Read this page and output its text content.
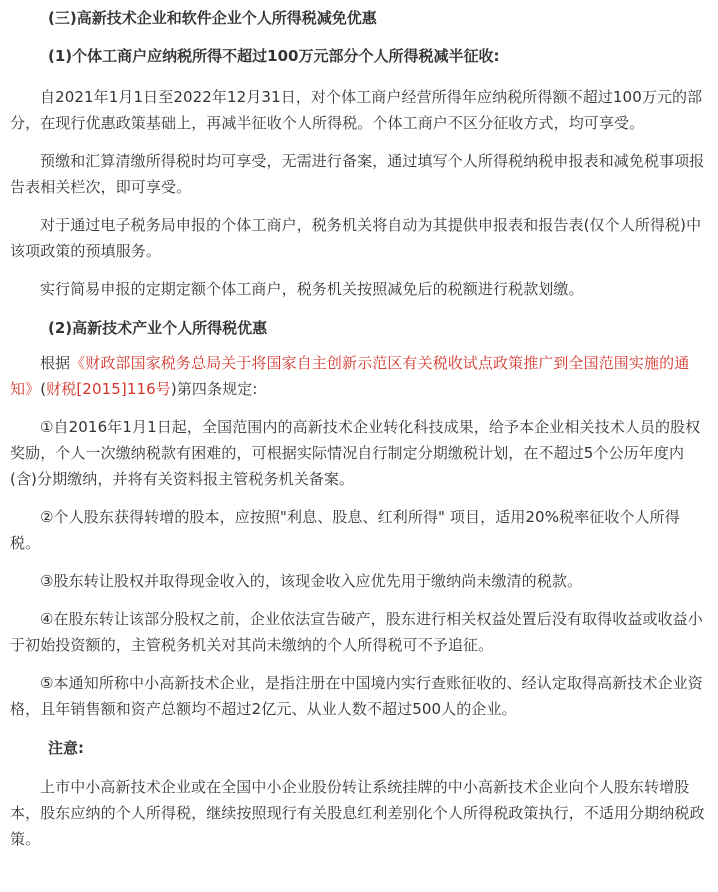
(三)高新技术企业和软件企业个人所得税减免优惠

(1)个体工商户应纳税所得不超过100万元部分个人所得税减半征收:

自2021年1月1日至2022年12月31日，对个体工商户经营所得年应纳税所得额不超过100万元的部分，在现行优惠政策基础上，再减半征收个人所得税。个体工商户不区分征收方式，均可享受。

预缴和汇算清缴所得税时均可享受，无需进行备案，通过填写个人所得税纳税申报表和减免税事项报告表相关栏次，即可享受。

对于通过电子税务局申报的个体工商户，税务机关将自动为其提供申报表和报告表(仅个人所得税)中该项政策的预填服务。

实行简易申报的定期定额个体工商户，税务机关按照减免后的税额进行税款划缴。

(2)高新技术产业个人所得税优惠

根据《财政部国家税务总局关于将国家自主创新示范区有关税收试点政策推广到全国范围实施的通知》(财税[2015]116号)第四条规定:

①自2016年1月1日起，全国范围内的高新技术企业转化科技成果，给予本企业相关技术人员的股权奖励，个人一次缴纳税款有困难的，可根据实际情况自行制定分期缴税计划，在不超过5个公历年度内(含)分期缴纳，并将有关资料报主管税务机关备案。

②个人股东获得转增的股本，应按照"利息、股息、红利所得" 项目，适用20%税率征收个人所得税。

③股东转让股权并取得现金收入的，该现金收入应优先用于缴纳尚未缴清的税款。

④在股东转让该部分股权之前，企业依法宣告破产，股东进行相关权益处置后没有取得收益或收益小于初始投资额的，主管税务机关对其尚未缴纳的个人所得税可不予追征。

⑤本通知所称中小高新技术企业，是指注册在中国境内实行查账征收的、经认定取得高新技术企业资格，且年销售额和资产总额均不超过2亿元、从业人数不超过500人的企业。

注意:

上市中小高新技术企业或在全国中小企业股份转让系统挂牌的中小高新技术企业向个人股东转增股本，股东应纳的个人所得税，继续按照现行有关股息红利差别化个人所得税政策执行，不适用分期纳税政策。
